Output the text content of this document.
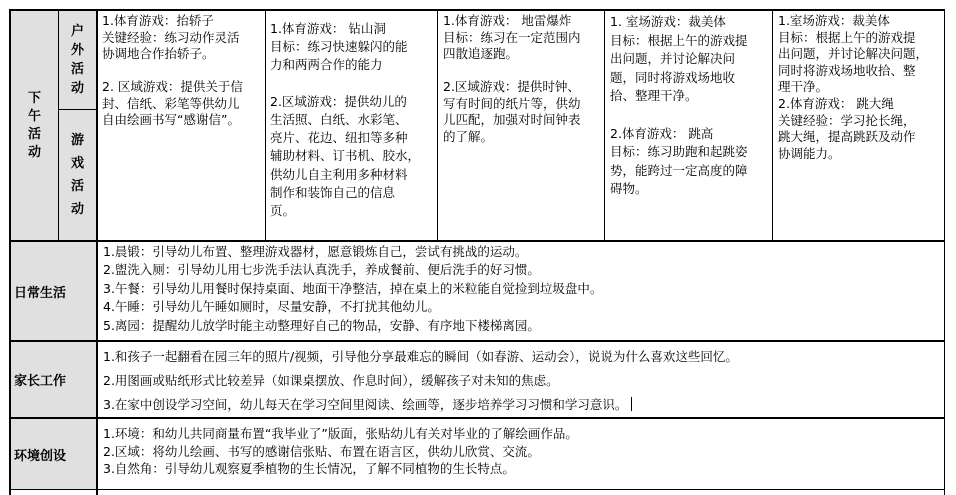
下
午
活
动
户
外
活
动
游
戏
活
动
1.体育游戏：抬轿子
关键经验：练习动作灵活
协调地合作抬轿子。

2. 区域游戏：提供关于信
封、信纸、彩笔等供幼儿
自由绘画书写“感谢信”。
1.体育游戏： 钻山洞
目标：练习快速躲闪的能
力和两两合作的能力

2.区域游戏：提供幼儿的
生活照、白纸、水彩笔、
亮片、花边、纽扣等多种
辅助材料、订书机、胶水，
供幼儿自主利用多种材料
制作和装饰自己的信息
页。
1.体育游戏： 地雷爆炸
目标：练习在一定范围内
四散追逐跑。

2.区域游戏：提供时钟、
写有时间的纸片等，供幼
儿匹配，加强对时间钟表
的了解。
1. 室场游戏：裁美体
目标：根据上午的游戏提
出问题，并讨论解决问
题，同时将游戏场地收
拾、整理干净。

2.体育游戏： 跳高
目标：练习助跑和起跳姿
势，能跨过一定高度的障
碍物。
1.室场游戏：裁美体
目标：根据上午的游戏提
出问题，并讨论解决问题，
同时将游戏场地收拾、整
理干净。
2.体育游戏： 跳大绳
关键经验：学习抡长绳，
跳大绳，提高跳跃及动作
协调能力。
日常生活
1.晨锻：引导幼儿布置、整理游戏器材，愿意锻炼自己，尝试有挑战的运动。
2.盥洗入厕：引导幼儿用七步洗手法认真洗手，养成餐前、便后洗手的好习惯。
3.午餐：引导幼儿用餐时保持桌面、地面干净整洁，掉在桌上的米粒能自觉捡到垃圾盘中。
4.午睡：引导幼儿午睡如厕时，尽量安静，不打扰其他幼儿。
5.离园：提醒幼儿放学时能主动整理好自己的物品，安静、有序地下楼梯离园。
家长工作
1.和孩子一起翻看在园三年的照片/视频，引导他分享最难忘的瞬间（如春游、运动会），说说为什么喜欢这些回忆。
2.用图画或贴纸形式比较差异（如课桌摆放、作息时间），缓解孩子对未知的焦虑。
3.在家中创设学习空间，幼儿每天在学习空间里阅读、绘画等，逐步培养学习习惯和学习意识。
环境创设
1.环境：和幼儿共同商量布置“我毕业了”版面，张贴幼儿有关对毕业的了解绘画作品。
2.区域：将幼儿绘画、书写的感谢信张贴、布置在语言区，供幼儿欣赏、交流。
3.自然角：引导幼儿观察夏季植物的生长情况，了解不同植物的生长特点。
